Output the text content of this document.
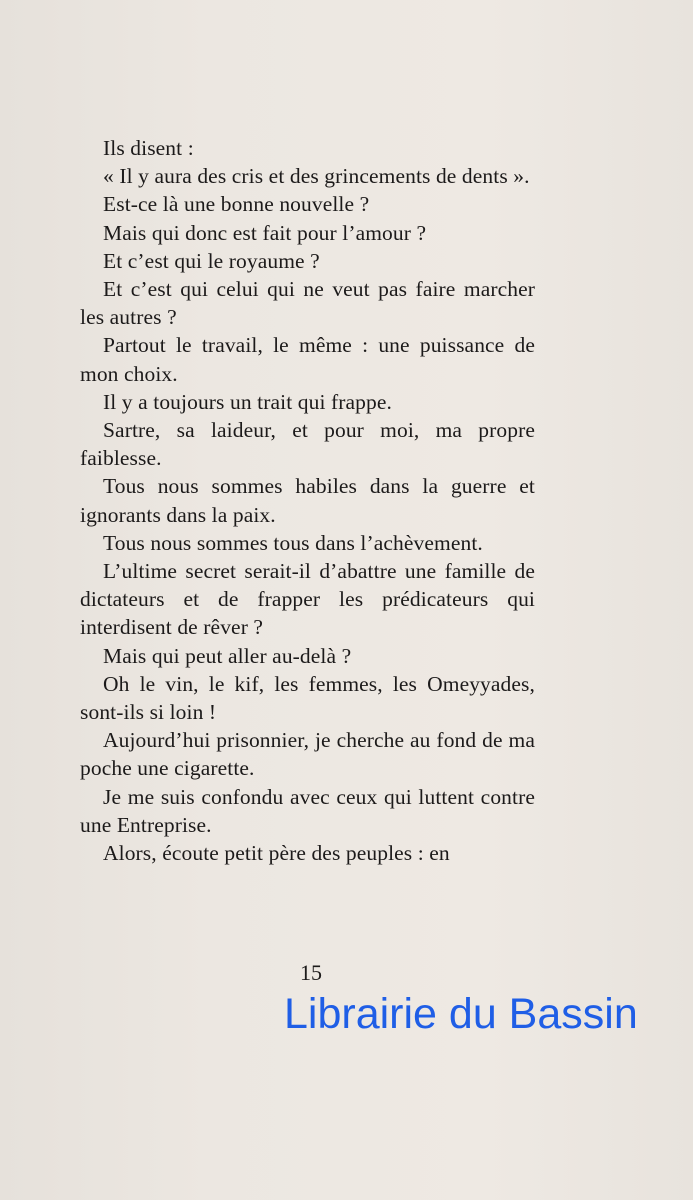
Ils disent :

« Il y aura des cris et des grincements de dents ».

Est-ce là une bonne nouvelle ?

Mais qui donc est fait pour l’amour ?

Et c’est qui le royaume ?

Et c’est qui celui qui ne veut pas faire marcher les autres ?

Partout le travail, le même : une puissance de mon choix.

Il y a toujours un trait qui frappe.

Sartre, sa laideur, et pour moi, ma propre faiblesse.

Tous nous sommes habiles dans la guerre et ignorants dans la paix.

Tous nous sommes tous dans l’achèvement.

L’ultime secret serait-il d’abattre une famille de dictateurs et de frapper les prédicateurs qui interdisent de rêver ?

Mais qui peut aller au-delà ?

Oh le vin, le kif, les femmes, les Omeyyades, sont-ils si loin !

Aujourd’hui prisonnier, je cherche au fond de ma poche une cigarette.

Je me suis confondu avec ceux qui luttent contre une Entreprise.

Alors, écoute petit père des peuples : en

15
Librairie du Bassin
